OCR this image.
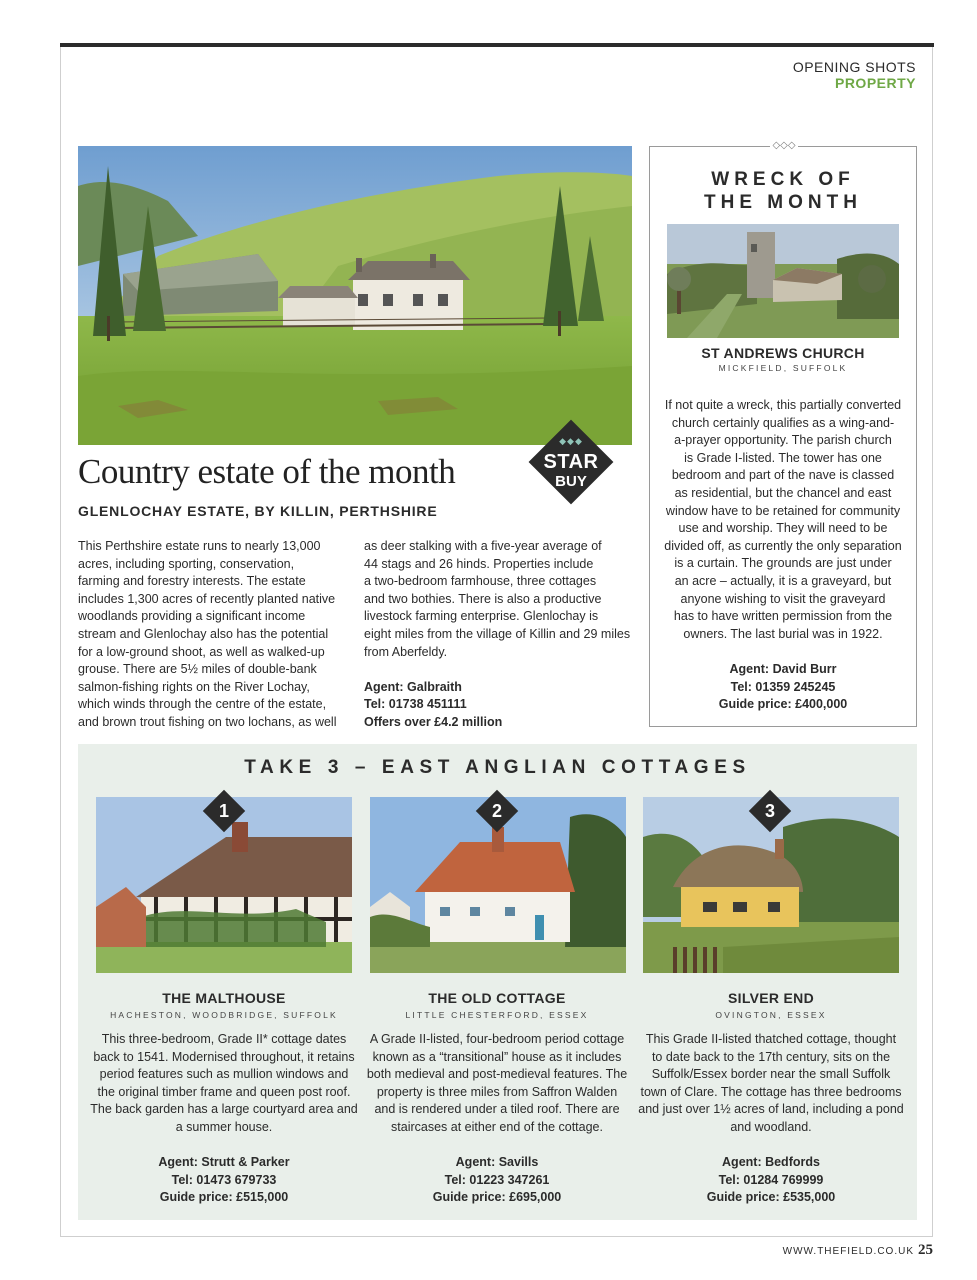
OPENING SHOTS
PROPERTY
◆◆◆
STAR
BUY
Country estate of the month
GLENLOCHAY ESTATE, BY KILLIN, PERTHSHIRE
This Perthshire estate runs to nearly 13,000
acres, including sporting, conservation,
farming and forestry interests. The estate
includes 1,300 acres of recently planted native
woodlands providing a significant income
stream and Glenlochay also has the potential
for a low-ground shoot, as well as walked-up
grouse. There are 5½ miles of double-bank
salmon-fishing rights on the River Lochay,
which winds through the centre of the estate,
and brown trout fishing on two lochans, as well
as deer stalking with a five-year average of
44 stags and 26 hinds. Properties include
a two-bedroom farmhouse, three cottages
and two bothies. There is also a productive
livestock farming enterprise. Glenlochay is
eight miles from the village of Killin and 29 miles
from Aberfeldy.
Agent: Galbraith
Tel: 01738 451111
Offers over £4.2 million
◇◇◇
WRECK OF
THE MONTH
ST ANDREWS CHURCH
MICKFIELD, SUFFOLK
If not quite a wreck, this partially converted
church certainly qualifies as a wing-and-
a-prayer opportunity. The parish church
is Grade I-listed. The tower has one
bedroom and part of the nave is classed
as residential, but the chancel and east
window have to be retained for community
use and worship. They will need to be
divided off, as currently the only separation
is a curtain. The grounds are just under
an acre – actually, it is a graveyard, but
anyone wishing to visit the graveyard
has to have written permission from the
owners. The last burial was in 1922.
Agent: David Burr
Tel: 01359 245245
Guide price: £400,000
TAKE 3 – EAST ANGLIAN COTTAGES
1	2	3
THE MALTHOUSE
HACHESTON, WOODBRIDGE, SUFFOLK
This three-bedroom, Grade II* cottage dates
back to 1541. Modernised throughout, it retains
period features such as mullion windows and
the original timber frame and queen post roof.
The back garden has a large courtyard area and
a summer house.
Agent: Strutt & Parker
Tel: 01473 679733
Guide price: £515,000
THE OLD COTTAGE
LITTLE CHESTERFORD, ESSEX
A Grade II-listed, four-bedroom period cottage
known as a “transitional” house as it includes
both medieval and post-medieval features. The
property is three miles from Saffron Walden
and is rendered under a tiled roof. There are
staircases at either end of the cottage.
Agent: Savills
Tel: 01223 347261
Guide price: £695,000
SILVER END
OVINGTON, ESSEX
This Grade II-listed thatched cottage, thought
to date back to the 17th century, sits on the
Suffolk/Essex border near the small Suffolk
town of Clare. The cottage has three bedrooms
and just over 1½ acres of land, including a pond
and woodland.
Agent: Bedfords
Tel: 01284 769999
Guide price: £535,000
WWW.THEFIELD.CO.UK 25
